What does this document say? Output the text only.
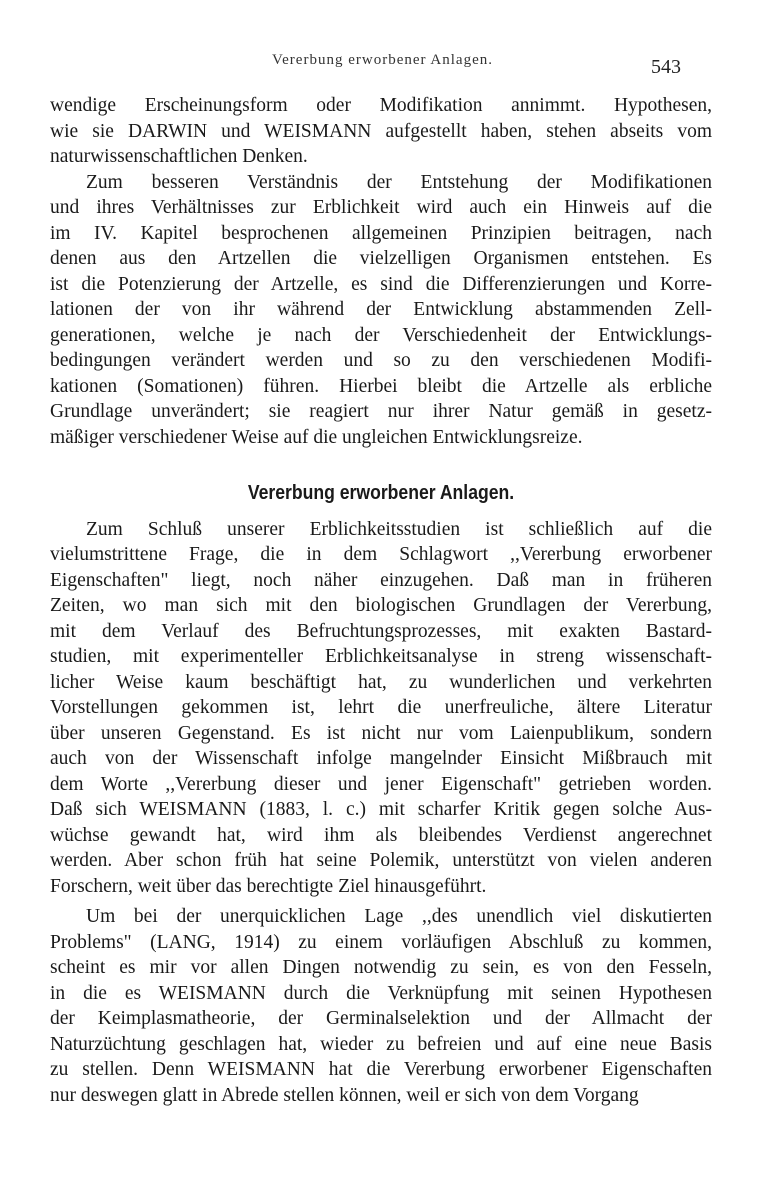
Vererbung erworbener Anlagen.	543
wendige Erscheinungsform oder Modifikation annimmt. Hypothesen,
wie sie DARWIN und WEISMANN aufgestellt haben, stehen abseits vom
naturwissenschaftlichen Denken.
Zum besseren Verständnis der Entstehung der Modifikationen
und ihres Verhältnisses zur Erblichkeit wird auch ein Hinweis auf die
im IV. Kapitel besprochenen allgemeinen Prinzipien beitragen, nach
denen aus den Artzellen die vielzelligen Organismen entstehen. Es
ist die Potenzierung der Artzelle, es sind die Differenzierungen und Korre-
lationen der von ihr während der Entwicklung abstammenden Zell-
generationen, welche je nach der Verschiedenheit der Entwicklungs-
bedingungen verändert werden und so zu den verschiedenen Modifi-
kationen (Somationen) führen. Hierbei bleibt die Artzelle als erbliche
Grundlage unverändert; sie reagiert nur ihrer Natur gemäß in gesetz-
mäßiger verschiedener Weise auf die ungleichen Entwicklungsreize.
Vererbung erworbener Anlagen.
Zum Schluß unserer Erblichkeitsstudien ist schließlich auf die
vielumstrittene Frage, die in dem Schlagwort ,,Vererbung erworbener
Eigenschaften" liegt, noch näher einzugehen. Daß man in früheren
Zeiten, wo man sich mit den biologischen Grundlagen der Vererbung,
mit dem Verlauf des Befruchtungsprozesses, mit exakten Bastard-
studien, mit experimenteller Erblichkeitsanalyse in streng wissenschaft-
licher Weise kaum beschäftigt hat, zu wunderlichen und verkehrten
Vorstellungen gekommen ist, lehrt die unerfreuliche, ältere Literatur
über unseren Gegenstand. Es ist nicht nur vom Laienpublikum, sondern
auch von der Wissenschaft infolge mangelnder Einsicht Mißbrauch mit
dem Worte ,,Vererbung dieser und jener Eigenschaft" getrieben worden.
Daß sich WEISMANN (1883, l. c.) mit scharfer Kritik gegen solche Aus-
wüchse gewandt hat, wird ihm als bleibendes Verdienst angerechnet
werden. Aber schon früh hat seine Polemik, unterstützt von vielen anderen
Forschern, weit über das berechtigte Ziel hinausgeführt.
Um bei der unerquicklichen Lage ,,des unendlich viel diskutierten
Problems" (LANG, 1914) zu einem vorläufigen Abschluß zu kommen,
scheint es mir vor allen Dingen notwendig zu sein, es von den Fesseln,
in die es WEISMANN durch die Verknüpfung mit seinen Hypothesen
der Keimplasmatheorie, der Germinalselektion und der Allmacht der
Naturzüchtung geschlagen hat, wieder zu befreien und auf eine neue Basis
zu stellen. Denn WEISMANN hat die Vererbung erworbener Eigenschaften
nur deswegen glatt in Abrede stellen können, weil er sich von dem Vorgang
